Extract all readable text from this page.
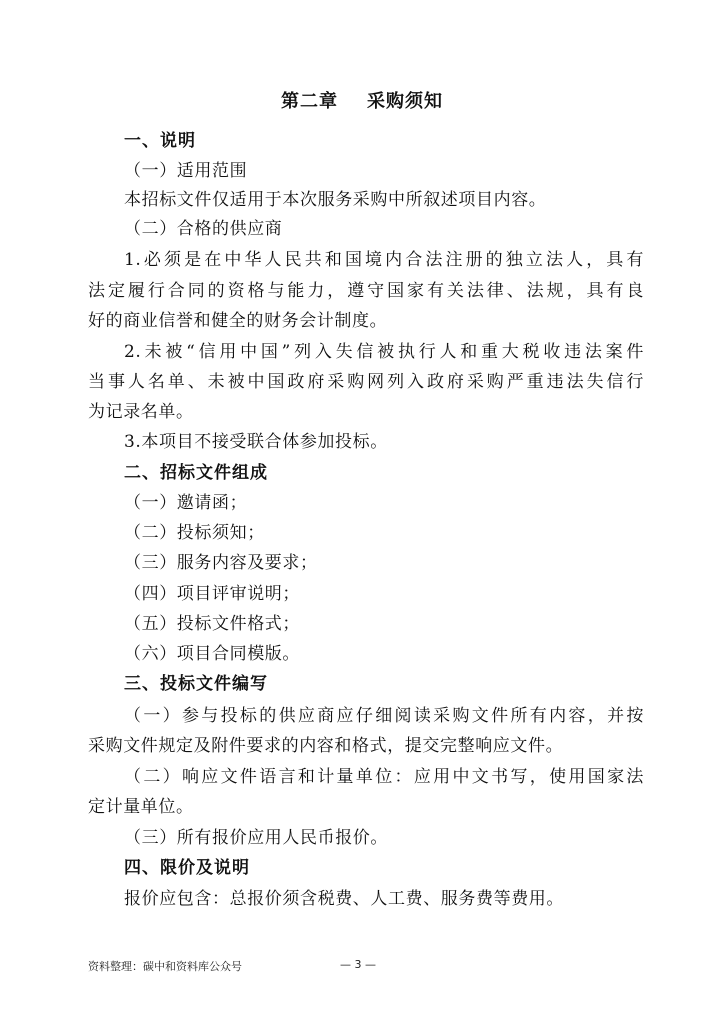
第二章    采购须知
一、说明
（一）适用范围
本招标文件仅适用于本次服务采购中所叙述项目内容。
（二）合格的供应商
1.必须是在中华人民共和国境内合法注册的独立法人，具有
法定履行合同的资格与能力，遵守国家有关法律、法规，具有良
好的商业信誉和健全的财务会计制度。
2.未被“信用中国”列入失信被执行人和重大税收违法案件
当事人名单、未被中国政府采购网列入政府采购严重违法失信行
为记录名单。
3.本项目不接受联合体参加投标。
二、招标文件组成
（一）邀请函；
（二）投标须知；
（三）服务内容及要求；
（四）项目评审说明；
（五）投标文件格式；
（六）项目合同模版。
三、投标文件编写
（一）参与投标的供应商应仔细阅读采购文件所有内容，并按
采购文件规定及附件要求的内容和格式，提交完整响应文件。
（二）响应文件语言和计量单位：应用中文书写，使用国家法
定计量单位。
（三）所有报价应用人民币报价。
四、限价及说明
报价应包含：总报价须含税费、人工费、服务费等费用。
资料整理：碳中和资料库公众号	— 3 —
